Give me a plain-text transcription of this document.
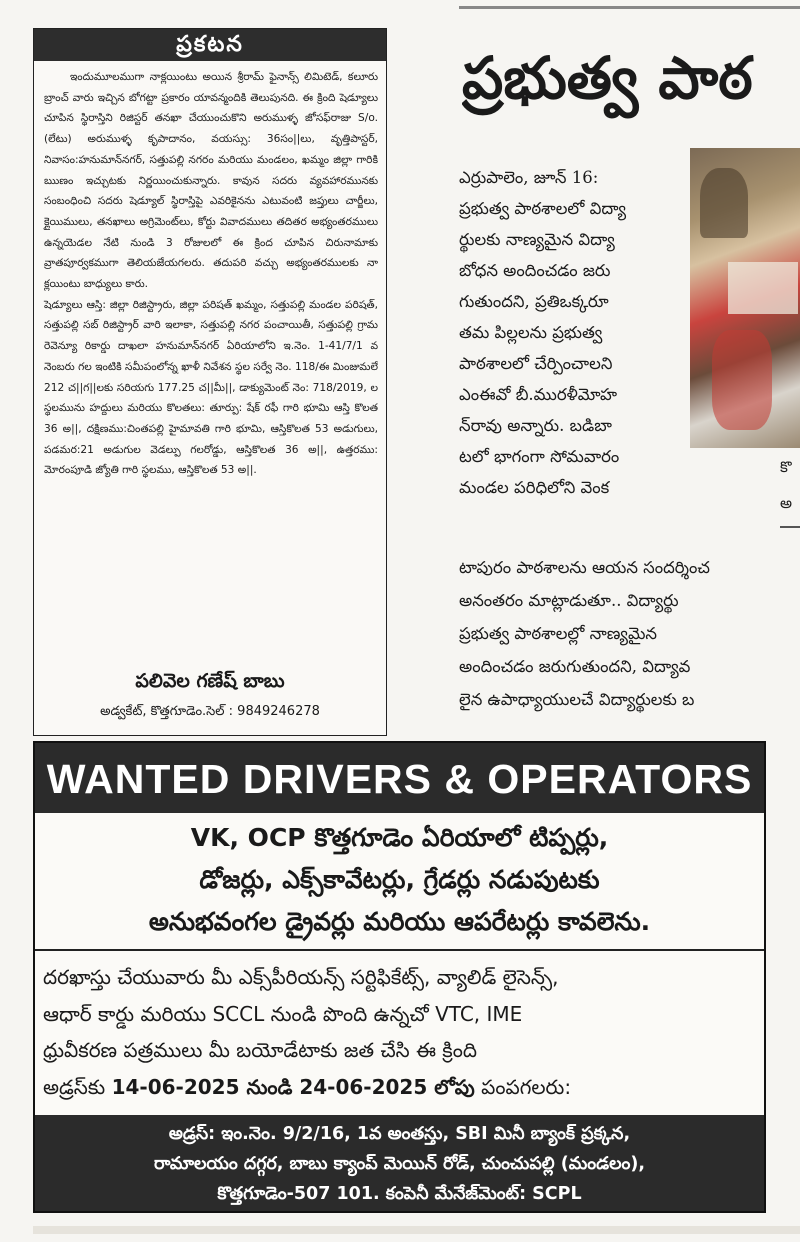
ప్రకటన

ఇందుమూలముగా నాక్లయింటు అయిన శ్రీరామ్ ఫైనాన్స్ లిమిటెడ్, కలూరు బ్రాంచ్ వారు ఇచ్చిన బోగట్టా ప్రకారం యావన్మందికి తెలుపునది. ఈ క్రింది షెడ్యూలు చూపిన స్థిరాస్తిని రిజిస్టర్ తనఖా చేయుంచుకొని అరుముళ్ళ జోసఫ్‌రాజు S/o.(లేటు) అరుముళ్ళ కృపాదానం, వయస్సు: 36సం||లు, వృత్తిపాస్టర్, నివాసం:హనుమాన్‌నగర్, సత్తుపల్లి నగరం మరియు మండలం, ఖమ్మం జిల్లా గారికి ఋణం ఇచ్చుటకు నిర్ణయించుకున్నారు. కావున సదరు వ్యవహారమునకు సంబంధించి సదరు షెడ్యూల్ స్థిరాస్తిపై ఎవరికైనను ఎటువంటి జప్తులు చార్జీలు, క్లైయిములు, తనఖాలు అగ్రిమెంట్‌లు, కోర్టు వివాదములు తదితర అభ్యంతరములు ఉన్నయెడల నేటి నుండి 3 రోజులలో ఈ క్రింద చూపిన చిరునామాకు వ్రాతపూర్వకముగా తెలియజేయగలరు. తదుపరి వచ్చు అభ్యంతరములకు నా క్లయింటు బాధ్యులు కారు.

షెడ్యూలు ఆస్తి: జిల్లా రిజిస్ట్రారు, జిల్లా పరిషత్ ఖమ్మం, సత్తుపల్లి మండల పరిషత్, సత్తుపల్లి సబ్ రిజిస్ట్రార్ వారి ఇలాకా, సత్తుపల్లి నగర పంచాయితీ, సత్తుపల్లి గ్రామ రెవెన్యూ రికార్డు దాఖలా హనుమాన్‌నగర్ ఏరియాలోని ఇ.నెం. 1-41/7/1 వ నెంబరు గల ఇంటికి సమీపంలోన్న ఖాళీ నివేశన స్థల సర్వే నెం. 118/ఈ మింజుమలే 212 చ||గ||లకు సరియగు 177.25 చ||మీ||, డాక్యుమెంట్ నెం: 718/2019, ల స్థలమును హద్దులు మరియు కొలతలు: తూర్పు: షేక్ రఫీ గారి భూమి ఆస్తి కొలత 36 అ||, దక్షిణము:చింతపల్లి హైమావతి గారి భూమి, ఆస్తికొలత 53 అడుగులు, పడమర:21 అడుగుల వెడల్పు గలరోడ్డు, ఆస్తికొలత 36 అ||, ఉత్తరము: మోరంపూడి జ్యోతి గారి స్థలము, ఆస్తికొలత 53 అ||.

పలివెల గణేష్ బాబు
అడ్వకేట్, కొత్తగూడెం.సెల్ : 9849246278
ప్రభుత్వ పాఠ
ఎర్రుపాలెం, జూన్ 16:
ప్రభుత్వ పాఠశాలలో విద్యా
ర్థులకు నాణ్యమైన విద్యా
బోధన అందించడం జరు
గుతుందని, ప్రతిఒక్కరూ
తమ పిల్లలను ప్రభుత్వ
పాఠశాలలో చేర్పించాలని
ఎంఈవో బీ.మురళీమోహ
న్‌రావు అన్నారు. బడిబా
టలో భాగంగా సోమవారం
మండల పరిధిలోని వెంక
కొ
అ
టాపురం పాఠశాలను ఆయన సందర్శించ
అనంతరం మాట్లాడుతూ.. విద్యార్థు
ప్రభుత్వ పాఠశాలల్లో నాణ్యమైన
అందించడం జరుగుతుందని, విద్యావ
లైన ఉపాధ్యాయులచే విద్యార్థులకు బ
WANTED DRIVERS & OPERATORS
VK, OCP కొత్తగూడెం ఏరియాలో టిప్పర్లు,
డోజర్లు, ఎక్స్‌కావేటర్లు, గ్రేడర్లు నడుపుటకు
అనుభవంగల డ్రైవర్లు మరియు ఆపరేటర్లు కావలెను.
దరఖాస్తు చేయువారు మీ ఎక్స్‌పీరియన్స్ సర్టిఫికేట్స్, వ్యాలిడ్ లైసెన్స్,
ఆధార్ కార్డు మరియు SCCL నుండి పొంది ఉన్నచో VTC, IME
ధ్రువీకరణ పత్రములు మీ బయోడేటాకు జత చేసి ఈ క్రింది
అడ్రస్‌కు 14-06-2025 నుండి 24-06-2025 లోపు పంపగలరు:
అడ్రస్: ఇం.నెం. 9/2/16, 1వ అంతస్తు, SBI మినీ బ్యాంక్ ప్రక్కన,
రామాలయం దగ్గర, బాబు క్యాంప్ మెయిన్ రోడ్, చుంచుపల్లి (మండలం),
కొత్తగూడెం-507 101. కంపెనీ మేనేజ్‌మెంట్: SCPL
